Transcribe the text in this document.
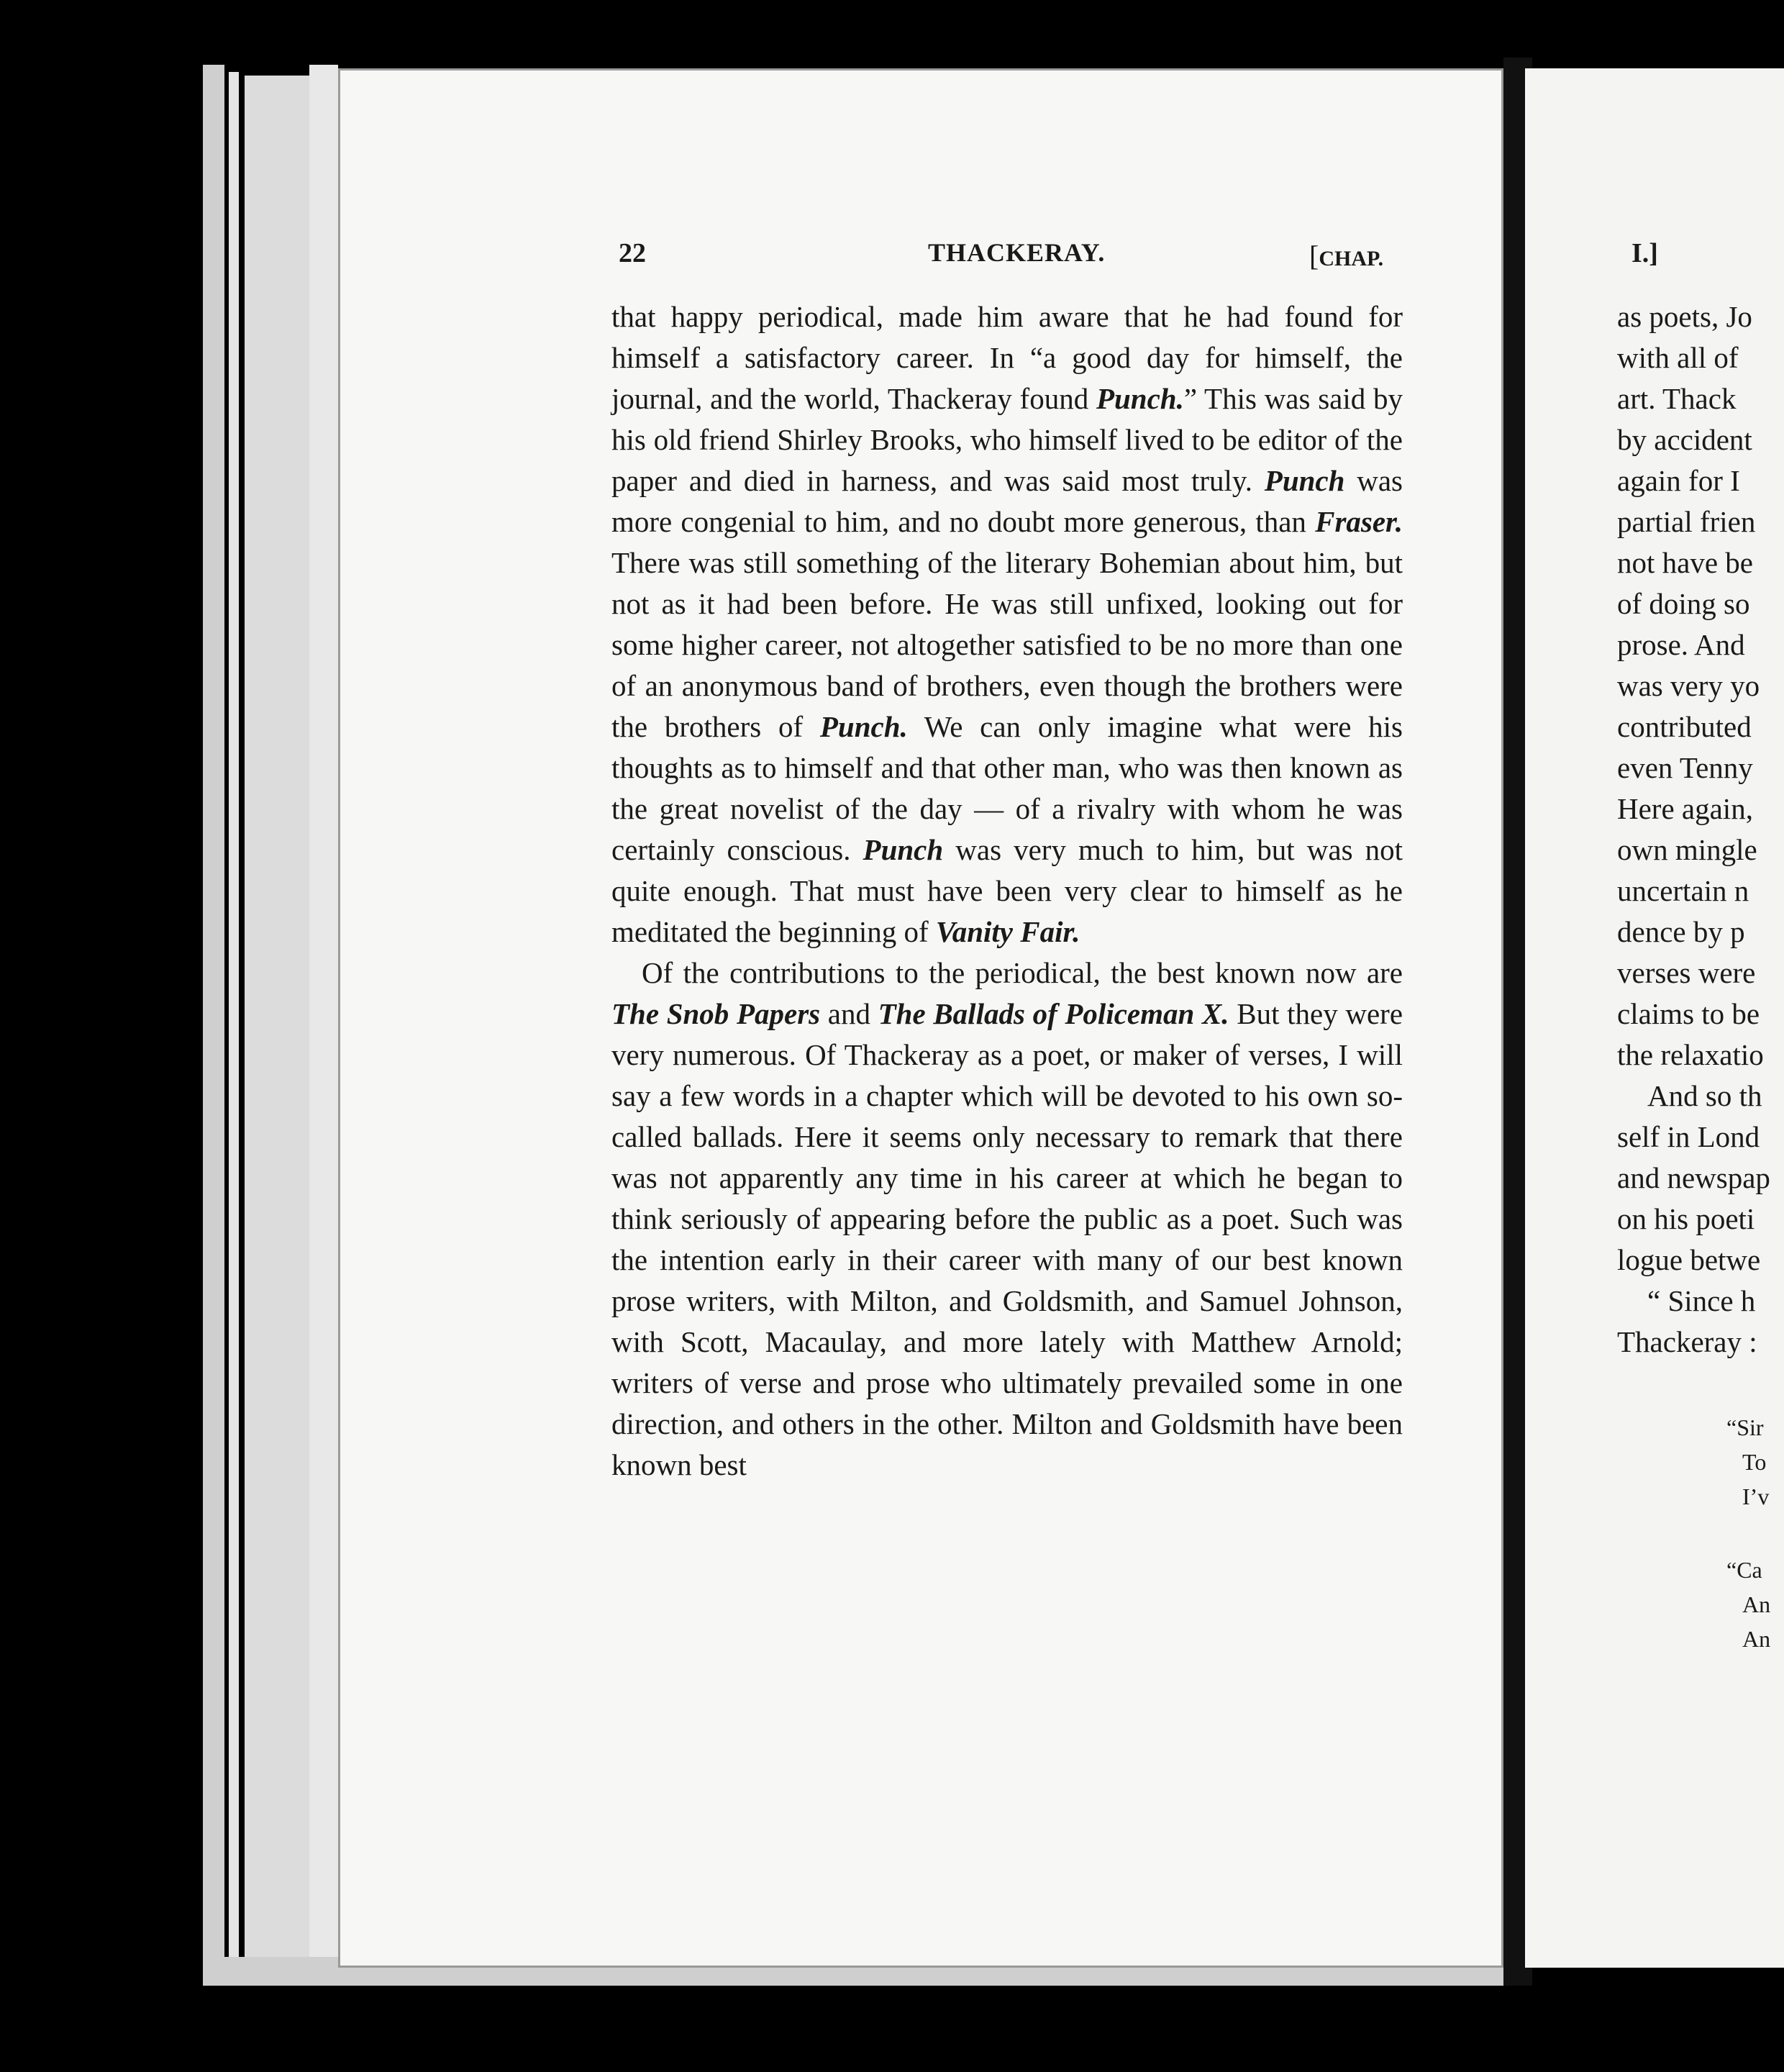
22	THACKERAY.	[CHAP.

that happy periodical, made him aware that he had found for himself a satisfactory career. In “a good day for himself, the journal, and the world, Thackeray found Punch.” This was said by his old friend Shirley Brooks, who himself lived to be editor of the paper and died in harness, and was said most truly. Punch was more congenial to him, and no doubt more generous, than Fraser. There was still something of the literary Bohemian about him, but not as it had been before. He was still unfixed, looking out for some higher career, not altogether satisfied to be no more than one of an anonymous band of brothers, even though the brothers were the brothers of Punch. We can only imagine what were his thoughts as to himself and that other man, who was then known as the great novelist of the day — of a rivalry with whom he was certainly conscious. Punch was very much to him, but was not quite enough. That must have been very clear to himself as he meditated the beginning of Vanity Fair.

Of the contributions to the periodical, the best known now are The Snob Papers and The Ballads of Policeman X. But they were very numerous. Of Thackeray as a poet, or maker of verses, I will say a few words in a chapter which will be devoted to his own so-called ballads. Here it seems only necessary to remark that there was not apparently any time in his career at which he began to think seriously of appearing before the public as a poet. Such was the intention early in their career with many of our best known prose writers, with Milton, and Goldsmith, and Samuel Johnson, with Scott, Macaulay, and more lately with Matthew Arnold; writers of verse and prose who ultimately prevailed some in one direction, and others in the other. Milton and Goldsmith have been known best

I.]
as poets, Jo
with all of
art. Thack
by accident
again for I
partial frien
not have be
of doing so
prose. And
was very yo
contributed
even Tenny
Here again,
own mingle
uncertain n
dence by p
verses were
claims to be
the relaxatio
And so th
self in Lond
and newspap
on his poeti
logue betwe
“ Since h
Thackeray :
“Sir
To
I’v
“Ca
An
An
